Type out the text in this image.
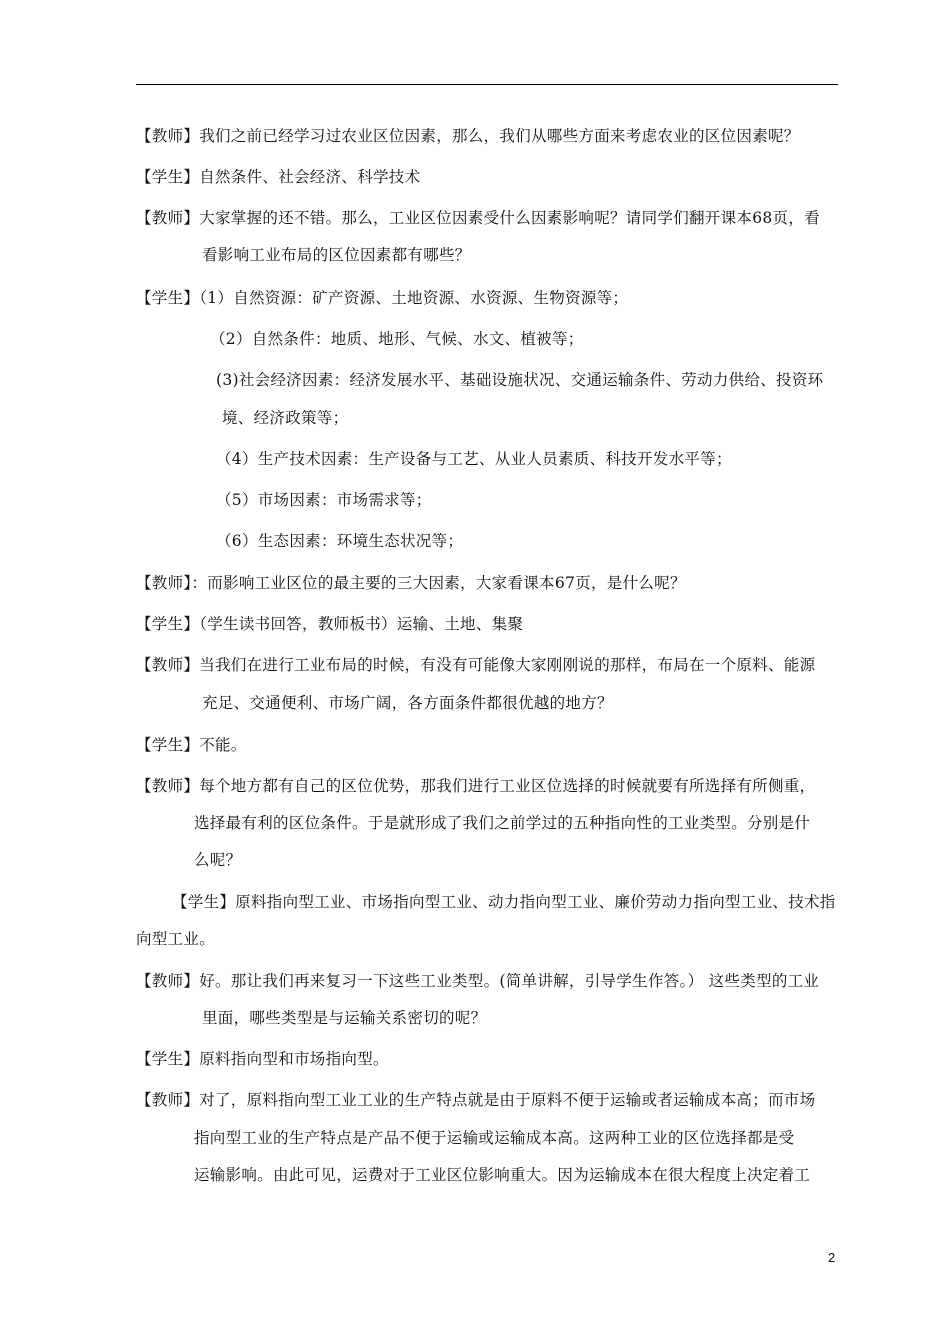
【教师】我们之前已经学习过农业区位因素，那么，我们从哪些方面来考虑农业的区位因素呢？
【学生】自然条件、社会经济、科学技术
【教师】大家掌握的还不错。那么，工业区位因素受什么因素影响呢？请同学们翻开课本68页，看
看影响工业布局的区位因素都有哪些？
【学生】（1）自然资源：矿产资源、土地资源、水资源、生物资源等；
（2）自然条件：地质、地形、气候、水文、植被等；
(3)社会经济因素：经济发展水平、基础设施状况、交通运输条件、劳动力供给、投资环
境、经济政策等；
（4）生产技术因素：生产设备与工艺、从业人员素质、科技开发水平等；
（5）市场因素：市场需求等；
（6）生态因素：环境生态状况等；
【教师】：而影响工业区位的最主要的三大因素，大家看课本67页，是什么呢？
【学生】（学生读书回答，教师板书）运输、土地、集聚
【教师】当我们在进行工业布局的时候，有没有可能像大家刚刚说的那样，布局在一个原料、能源
充足、交通便利、市场广阔，各方面条件都很优越的地方？
【学生】不能。
【教师】每个地方都有自己的区位优势，那我们进行工业区位选择的时候就要有所选择有所侧重，
选择最有利的区位条件。于是就形成了我们之前学过的五种指向性的工业类型。分别是什
么呢？
【学生】原料指向型工业、市场指向型工业、动力指向型工业、廉价劳动力指向型工业、技术指
向型工业。
【教师】好。那让我们再来复习一下这些工业类型。(简单讲解，引导学生作答。） 这些类型的工业
里面，哪些类型是与运输关系密切的呢？
【学生】原料指向型和市场指向型。
【教师】对了，原料指向型工业工业的生产特点就是由于原料不便于运输或者运输成本高；而市场
指向型工业的生产特点是产品不便于运输或运输成本高。这两种工业的区位选择都是受
运输影响。由此可见，运费对于工业区位影响重大。因为运输成本在很大程度上决定着工
2
